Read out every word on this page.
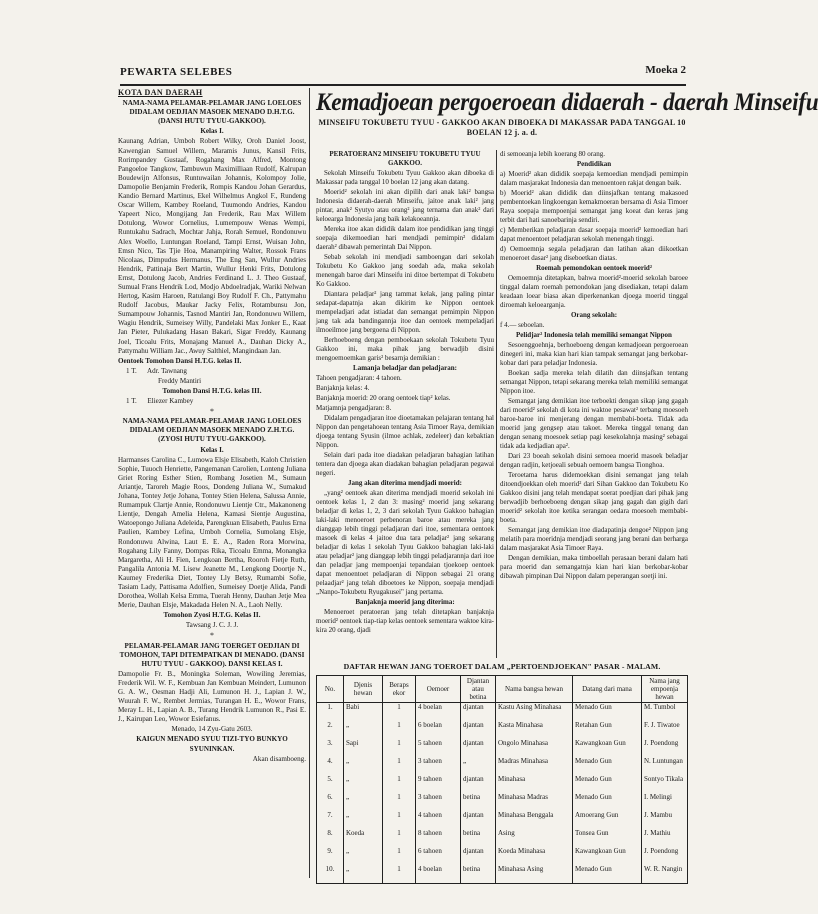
PEWARTA SELEBES	Moeka 2

KOTA DAN DAERAH

NAMA-NAMA PELAMAR-PELAMAR JANG LOELOES DIDALAM OEDJIAN MASOEK MENADO D.H.T.G. (DANSI HUTU TYUU-GAKKOO).

Kelas I.

Kaunang Adrian, Umboh Robert Wilky, Oroh Daniel Joost, Kawengian Samuel Willem, Maramis Junus, Kansil Frits, Rorimpandey Gustaaf, Rogahang Max Alfred, Montong Pangoeloe Tangkow, Tambuwun Maximilliaan Rudolf, Kalrupan Boudewijn Alfonsus, Runtuwailan Johannis, Kolompoy Jolie, Damopolie Benjamin Frederik, Rompis Kandou Johan Gerardus, Kandio Bernard Martinus, Ekel Wilhelmus Angkol F., Rundeng Oscar Willem, Kambey Roeland, Tuumondo Andries, Kandou Yapeert Nico, Mongijang Jan Frederik, Rau Max Willem Dotulong, Wowor Cornelius, Lumempouw Wenas Wempi, Runtukahu Sadrach, Mochtar Jahja, Rorah Semuel, Rondonuwu Alex Woello, Luntungan Roeland, Tampi Ernst, Wuisan John, Emsn Nico, Tas Tjie Hoa, Manampiring Walter, Rossok Frans Nicolaas, Dimpudus Hermanus, The Eng San, Wullur Andries Hendrik, Pattinaja Bert Martin, Wullur Henki Frits, Dotulong Ernst, Dotulong Jacob, Andries Ferdinand L. J. Theo Gustaaf, Sumual Frans Hendrik Lod, Modjo Abdoelradjak, Wariki Nelwan Hertog, Kasim Haroen, Ratulangi Boy Rudolf F. Ch., Pattymahu Rudolf Jacobus, Maukar Jacky Felix, Rotambunsu Jon, Sumampouw Johannis, Tasnod Mantiri Jan, Rondonuwu Willem, Wagiu Hendrik, Sumeisey Willy, Pandelaki Max Jonker E., Kaat Jan Pieter, Pulukadang Hasan Bakari, Sigar Freddy, Kaunang Joel, Ticoalu Frits, Monajang Manuel A., Dauhan Dicky A., Pattymahu William Jac., Awuy Salthiel, Mangindaan Jan.

Oentoek Tomohon Dansi H.T.G. kelas II.

1 T.      Adr. Tawnang

Freddy Mantiri

Tomohon Dansi H.T.G. kelas III.

1 T.      Eliezer Kambey

*

NAMA-NAMA PELAMAR-PELAMAR JANG LOELOES DIDALAM OEDJIAN MASOEK MENADO Z.H.T.G. (ZYOSI HUTU TYUU-GAKKOO).

Kelas I.

Harmanses Carolina C., Lumowa Elsje Elisabeth, Kaloh Christien Sophie, Tuuoch Henriette, Pangemanan Carolien, Lonteng Juliana Griet Roring Esther Stien, Rombang Josetien M., Sumaun Ariantje, Taroreh Magie Roos, Dondeng Juliana W., Sumakud Johana, Tontey Jetje Johana, Tontey Stien Helena, Salussa Annie, Rumampuk Clartje Annie, Rondonuwu Lientje Ctr., Makanoneng Lientje, Dengah Amelia Helena, Kamasi Sientje Augustina, Watoepongo Juliana Adeleida, Parengkuan Elisabeth, Paulus Erna Paulien, Kambey Lefina, Umboh Cornelia, Sumolang Elsje, Rondonuwu Alwina, Laut E. E. A., Raden Rora Morwina, Rogahang Lily Fanny, Dompas Rika, Ticoalu Emma, Monangka Margaretha, Ali H. Fien, Lengkoan Bertha, Rooroh Fietje Ruth, Pangalila Antonia M. Lisew Jeanette M., Lengkong Doortje N., Kaumey Frederika Diet, Tontey Lly Betsy, Rumambi Sofie, Tasiam Lady, Pattisama Adolfien, Sumeisey Doetje Alida, Pandi Dorothea, Wollah Kelsa Emma, Tuerah Henny, Dauhan Jetje Mea Merie, Dauhan Elsje, Makadada Helen N. A., Laoh Nelly.

Tomohon Zyosi H.T.G. Kelas II.

Tawsang J. C. J. J.

*

PELAMAR-PELAMAR JANG TOERGET OEDJIAN DI TOMOHON, TAPI DITEMPATKAN DI MENADO. (DANSI HUTU TYUU - GAKKOO). DANSI KELAS I.

Damopolie Fr. B., Moningka Soleman, Wowiling Jeremias, Frederik Wil. W. F., Kembuan Jan Kembuan Meindert, Lumunon G. A. W., Oesman Hadji Ali, Lumunon H. J., Lapian J. W., Wuurah F. W., Rembet Jermias, Turangan H. E., Wowor Frans, Meray L. H., Lapian A. B., Turang Hendrik Lumunon R., Pasi E. J., Kairupan Leo, Wowor Esiefanus.

Menado, 14 Zyu-Gatu 2603.

KAIGUN MENADO SYUU TIZI-TYO BUNKYO SYUNINKAN.

Akan disamboeng.

Kemadjoean pergoeroean didaerah - daerah Minseifu
MINSEIFU TOKUBETU TYUU - GAKKOO AKAN DIBOEKA DI MAKASSAR PADA TANGGAL 10 BOELAN 12 j. a. d.

PERATOERAN2 MINSEIFU TOKUBETU TYUU GAKKOO.

Sekolah Minseifu Tokubetu Tyuu Gakkoo akan diboeka di Makassar pada tanggal 10 boelan 12 jang akan datang.

Moerid² sekolah ini akan dipilih dari anak laki² bangsa Indonesia didaerah-daerah Minseifu, jaitoe anak laki² jang pintar, anak² Syutyo atau orang² jang ternama dan anak² dari keloearga Indonesia jang baik kelakoeannja.

Mereka itoe akan dididik dalam itoe pendidikan jang tinggi soepaja dikemoedian hari mendjadi pemimpin² didalam daerah² dibawah pemerintah Dai Nippon.

Sebab sekolah ini mendjadi samboengan dari sekolah Tokubetu Ko Gakkoo jang soedah ada, maka sekolah menengah baroe dari Minseifu ini ditoe bertempat di Tokubetu Ko Gakkoo.

Diantara peladjar² jang tammat kelak, jang paling pintar sedapat-dapatnja akan dikirim ke Nippon oentoek mempeladjari adat istiadat dan semangat pemimpin Nippon jang tak ada bandingannja itoe dan oentoek mempeladjari ilmoeilmoe jang bergoena di Nippon.

Berhoeboeng dengan pemboekaan sekolah Tokubetu Tyuu Gakkoo ini, maka pihak jang berwadjib disini mengoemoemkan garis² besarnja demikian :

Lamanja beladjar dan peladjaran:

Tahoen pengadjaran: 4 tahoen.

Banjaknja kelas: 4.

Banjaknja moerid: 20 orang oentoek tiap² kelas.

Matjamnja pengadjaran: 8.

Didalam pengadjaran itoe dioetamakan pelajaran tentang hal Nippon dan pengetahoean tentang Asia Timoer Raya, demikian djoega tentang Syusin (ilmoe achlak, zedeleer) dan kebaktian Nippon.

Selain dari pada itoe diadakan peladjaran bahagian latihan tentera dan djoega akan diadakan bahagian peladjaran pegawai negeri.

Jang akan diterima mendjadi moerid:

„yang² oentoek akan diterima mendjadi moerid sekolah ini oentoek kelas 1, 2 dan 3: masing² moerid jang sekarang beladjar di kelas 1, 2, 3 dari sekolah Tyuu Gakkoo bahagian laki-laki menoeroet perbenoran baroe atau mereka jang dianggap lebih tinggi peladjaran dari itoe, sementara oentoek masoek di kelas 4 jaitoe dua tara peladjar² jang sekarang beladjar di kelas 1 sekolah Tyuu Gakkoo bahagian laki-laki atau peladjar² jang dianggap lebih tinggi peladjarannja dari itoe dan peladjar jang mempoenjai tepandaian tjoekoep oentoek dapat menoentoet peladjaran di Nippon sebagai 21 orang pelaadjar² jang telah diboetoes ke Nippon, soepaja mendjadi „Nanpo-Tokubetu Ryugakusei" jang pertama.

Banjaknja moerid jang diterima:

Menoeroet peratoeran jang telah ditetapkan banjaknja moerid² oentoek tiap-tiap kelas oentoek sementara waktoe kira-kira 20 orang, djadi

di semoeanja lebih koerang 80 orang.

Pendidikan

a) Moerid² akan dididik soepaja kemoedian mendjadi pemimpin dalam masjarakat Indonesia dan menoentoen rakjat dengan baik.

b) Moerid² akan dididik dan diinsjafkan tentang makasoed pembentoekan lingkoengan kemakmoeran bersama di Asia Timoer Raya soepaja mempoenjai semangat jang koeat dan keras jang terbit dari hati sanoebarinja sendiri.

c) Memberikan peladjaran dasar soepaja moerid² kemoedian hari dapat menoentoet peladjaran sekolah menengah tinggi.

d) Oemoemnja segala peladjaran dan latihan akan diikoetkan menoeroet dasar² jang diseboetkan diatas.

Roemah pemondokan oentoek moerid²

Oemoemnja ditetapkan, bahwa moerid²-moerid sekolah baroee tinggal dalam roemah pemondokan jang disediakan, tetapi dalam keadaan loear biasa akan diperkenankan djoega moerid tinggal diroemah keloearganja.

Orang sekolah:

f 4.— seboelan.

Pelidjar² Indonesia telah memiliki semangat Nippon

Sesoenggoehnja, berhoeboeng dengan kemadjoean pergoeroean dinegeri ini, maka kian hari kian tampak semangat jang berkobar-kobar dari para peladjar Indonesia.

Boekan sadja mereka telah dilatih dan diinsjafkan tentang semangat Nippon, tetapi sekarang mereka telah memiliki semangat Nippon itoe.

Semangat jang demikian itoe terboekti dengan sikap jang gagah dari moerid² sekolah di kota ini waktoe pesawat² terbang moesoeh baroe-baroe ini menjerang dengan membabi-boeta. Tidak ada moerid jang gengsep atau takoet. Mereka tinggal tenang dan dengan senang moesoek setiap pagi kesekolahnja masing² sebagai tidak ada kedjadian apa².

Dari 23 boeah sekolah disini semoea moerid masoek beladjar dengan radjin, ketjoeali sebuah oemoem bangsa Tionghoa.

Teroetama harus didemoekkan disini semangat jang telah ditoendjoekkan oleh moerid² dari Sihan Gakkoo dan Tokubetu Ko Gakkoo disini jang telah mendapat soerat poedjian dari pihak jang berwadjib berhoeboeng dengan sikap jang gagah dan gigih dari moerid² sekolah itoe ketika serangan oedara moesoeh membabi-boeta.

Semangat jang demikian itoe diadapatinja dengoe² Nippon jang melatih para moeridnja mendjadi seorang jang berani dan berharga dalam masjarakat Asia Timoer Raya.

Dengan demikian, maka timboellah perasaan berani dalam hati para moerid dan semangatnja kian hari kian berkobar-kobar dibawah pimpinan Dai Nippon dalam peperangan soetji ini.

DAFTAR HEWAN JANG TOEROET DALAM „PERTOENDJOEKAN" PASAR - MALAM.
No.	Djenis hewan	Beraps ekor	Oemoer	Djantan atau betina	Nama bangsa hewan	Datang dari mana	Nama jang empoenja hewan
1.	Babi	1	4 boelan	djantan	Kastu Asing Minahasa	Menado Gun	M. Tumbol
2.	„	1	6 boelan	djantan	Kasta Minahasa	Retahan Gun	F. J. Tiwatoe
3.	Sapi	1	5 tahoen	djantan	Ongolo Minahasa	Kawangkoan Gun	J. Poendong
4.	„	1	3 tahoen	„	Madras Minahasa	Menado Gun	N. Luntungan
5.	„	1	9 tahoen	djantan	Minahasa	Menado Gun	Sontyo Tikala
6.	„	1	3 tahoen	betina	Minahasa Madras	Menado Gun	I. Melingi
7.	„	1	4 tahoen	djantan	Minahasa Benggala	Amoerang Gun	J. Mambu
8.	Koeda	1	8 tahoen	betina	Asing	Tonsea Gun	J. Mathiu
9.	„	1	6 tahoen	djantan	Koeda Minahasa	Kawangkoan Gun	J. Poendong
10.	„	1	4 boelan	betina	Minahasa Asing	Menado Gun	W. R. Nangin
